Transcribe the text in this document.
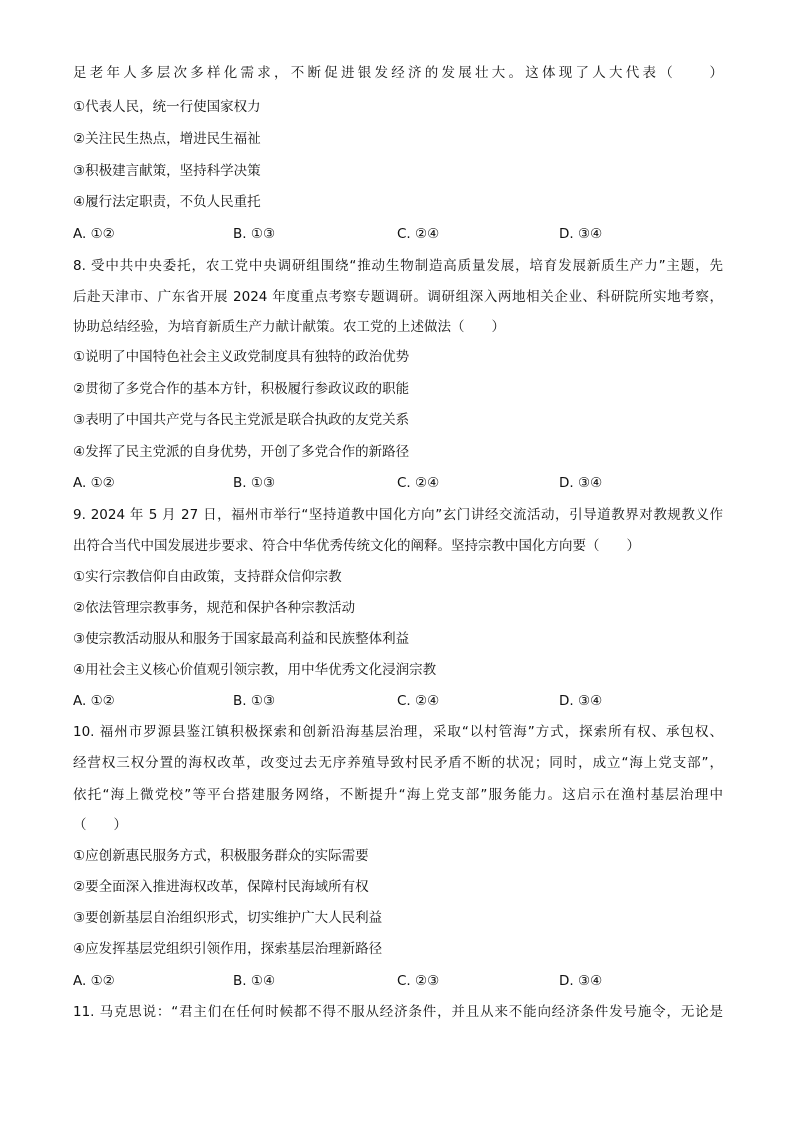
足老年人多层次多样化需求，不断促进银发经济的发展壮大。这体现了人大代表（　　）
①代表人民，统一行使国家权力
②关注民生热点，增进民生福祉
③积极建言献策，坚持科学决策
④履行法定职责，不负人民重托
A. ①②	B. ①③	C. ②④	D. ③④
8. 受中共中央委托，农工党中央调研组围绕“推动生物制造高质量发展，培育发展新质生产力”主题，先
后赴天津市、广东省开展 2024 年度重点考察专题调研。调研组深入两地相关企业、科研院所实地考察，
协助总结经验，为培育新质生产力献计献策。农工党的上述做法（　　）
①说明了中国特色社会主义政党制度具有独特的政治优势
②贯彻了多党合作的基本方针，积极履行参政议政的职能
③表明了中国共产党与各民主党派是联合执政的友党关系
④发挥了民主党派的自身优势，开创了多党合作的新路径
A. ①②	B. ①③	C. ②④	D. ③④
9. 2024 年 5 月 27 日，福州市举行“坚持道教中国化方向”玄门讲经交流活动，引导道教界对教规教义作
出符合当代中国发展进步要求、符合中华优秀传统文化的阐释。坚持宗教中国化方向要（　　）
①实行宗教信仰自由政策，支持群众信仰宗教
②依法管理宗教事务，规范和保护各种宗教活动
③使宗教活动服从和服务于国家最高利益和民族整体利益
④用社会主义核心价值观引领宗教，用中华优秀文化浸润宗教
A. ①②	B. ①③	C. ②④	D. ③④
10. 福州市罗源县鉴江镇积极探索和创新沿海基层治理，采取“以村管海”方式，探索所有权、承包权、
经营权三权分置的海权改革，改变过去无序养殖导致村民矛盾不断的状况；同时，成立“海上党支部”，
依托“海上微党校”等平台搭建服务网络，不断提升“海上党支部”服务能力。这启示在渔村基层治理中
（　　）
①应创新惠民服务方式，积极服务群众的实际需要
②要全面深入推进海权改革，保障村民海域所有权
③要创新基层自治组织形式，切实维护广大人民利益
④应发挥基层党组织引领作用，探索基层治理新路径
A. ①②	B. ①④	C. ②③	D. ③④
11. 马克思说：“君主们在任何时候都不得不服从经济条件，并且从来不能向经济条件发号施令，无论是
